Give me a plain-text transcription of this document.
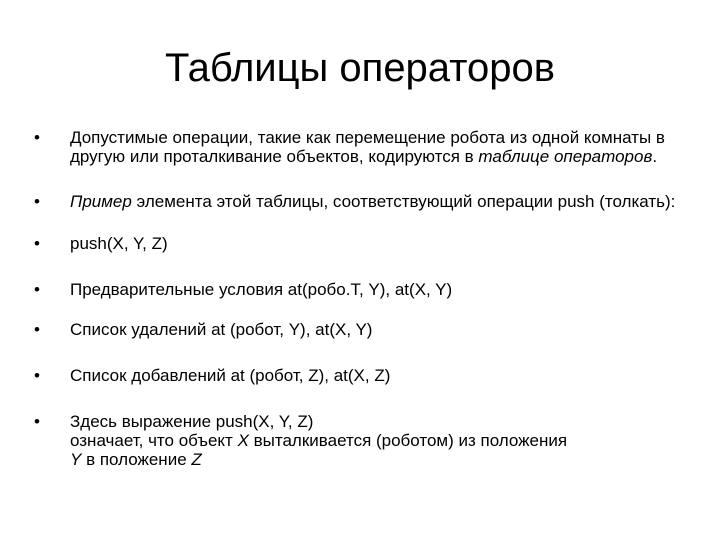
Таблицы операторов
•	Допустимые операции, такие как перемещение робота из одной комнаты в другую или проталкивание объектов, кодируются в таблице операторов.
•	Пример элемента этой таблицы, соответствующий операции push (толкать):
•	push(X, Y, Z)
•	Предварительные условия at(робо.Т, Y), at(X, Y)
•	Список удалений at (робот, Y), at(X, Y)
•	Список добавлений at (робот, Z), at(X, Z)
•	Здесь выражение push(X, Y, Z)
означает, что объект X выталкивается (роботом) из положения
Y в положение Z
